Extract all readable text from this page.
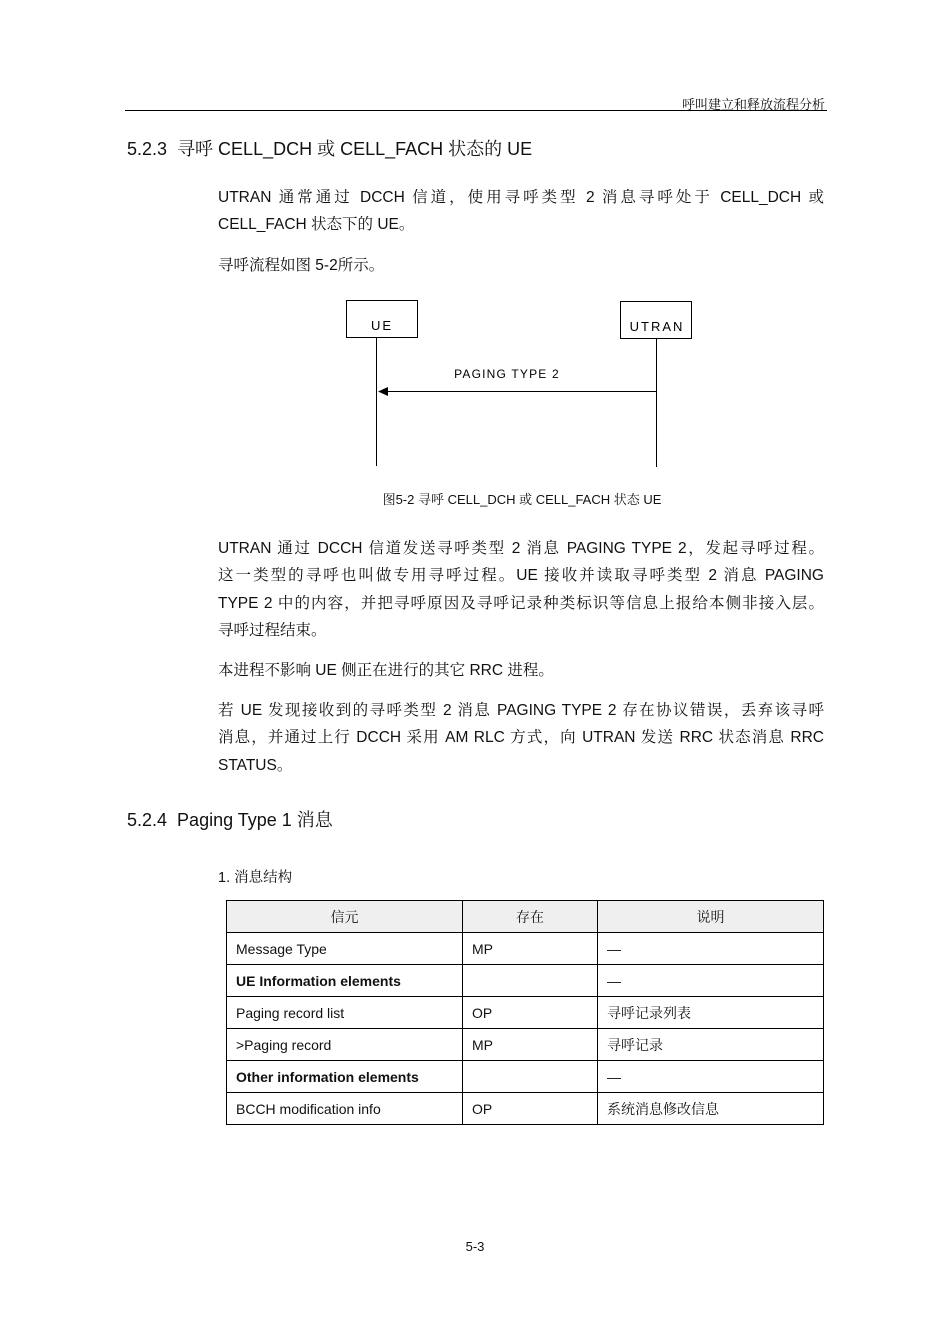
呼叫建立和释放流程分析
5.2.3 寻呼 CELL_DCH 或 CELL_FACH 状态的 UE
UTRAN 通常通过 DCCH 信道，使用寻呼类型 2 消息寻呼处于 CELL_DCH 或
CELL_FACH 状态下的 UE。
寻呼流程如图 5-2所示。
UE	UTRAN
PAGING TYPE 2
图5-2 寻呼 CELL_DCH 或 CELL_FACH 状态 UE
UTRAN 通过 DCCH 信道发送寻呼类型 2 消息 PAGING TYPE 2，发起寻呼过程。
这一类型的寻呼也叫做专用寻呼过程。UE 接收并读取寻呼类型 2 消息 PAGING
TYPE 2 中的内容，并把寻呼原因及寻呼记录种类标识等信息上报给本侧非接入层。
寻呼过程结束。
本进程不影响 UE 侧正在进行的其它 RRC 进程。
若 UE 发现接收到的寻呼类型 2 消息 PAGING TYPE 2 存在协议错误，丢弃该寻呼
消息，并通过上行 DCCH 采用 AM RLC 方式，向 UTRAN 发送 RRC 状态消息 RRC
STATUS。
5.2.4 Paging Type 1 消息
1. 消息结构
信元	存在	说明
Message Type	MP	—
UE Information elements		—
Paging record list	OP	寻呼记录列表
>Paging record	MP	寻呼记录
Other information elements		—
BCCH modification info	OP	系统消息修改信息
5-3
